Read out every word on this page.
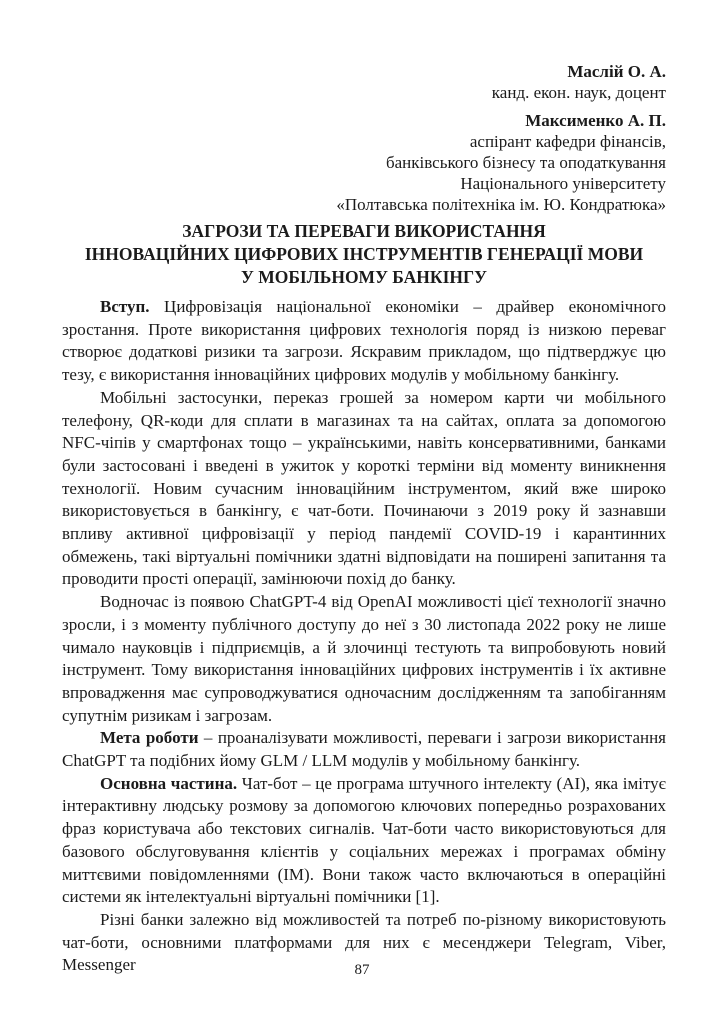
Маслій О. А.
канд. екон. наук, доцент
Максименко А. П.
аспірант кафедри фінансів,
банківського бізнесу та оподаткування
Національного університету
«Полтавська політехніка ім. Ю. Кондратюка»
ЗАГРОЗИ ТА ПЕРЕВАГИ ВИКОРИСТАННЯ
ІННОВАЦІЙНИХ ЦИФРОВИХ ІНСТРУМЕНТІВ ГЕНЕРАЦІЇ МОВИ
У МОБІЛЬНОМУ БАНКІНГУ

Вступ. Цифровізація національної економіки – драйвер економічного зростання. Проте використання цифрових технологія поряд із низкою переваг створює додаткові ризики та загрози. Яскравим прикладом, що підтверджує цю тезу, є використання інноваційних цифрових модулів у мобільному банкінгу.

Мобільні застосунки, переказ грошей за номером карти чи мобільного телефону, QR-коди для сплати в магазинах та на сайтах, оплата за допомогою NFC-чіпів у смартфонах тощо – українськими, навіть консервативними, банками були застосовані і введені в ужиток у короткі терміни від моменту виникнення технології. Новим сучасним інноваційним інструментом, який вже широко використовується в банкінгу, є чат-боти. Починаючи з 2019 року й зазнавши впливу активної цифровізації у період пандемії COVID-19 і карантинних обмежень, такі віртуальні помічники здатні відповідати на поширені запитання та проводити прості операції, замінюючи похід до банку.

Водночас із появою ChatGPT-4 від OpenAI можливості цієї технології значно зросли, і з моменту публічного доступу до неї з 30 листопада 2022 року не лише чимало науковців і підприємців, а й злочинці тестують та випробовують новий інструмент. Тому використання інноваційних цифрових інструментів і їх активне впровадження має супроводжуватися одночасним дослідженням та запобіганням супутнім ризикам і загрозам.

Мета роботи – проаналізувати можливості, переваги і загрози використання ChatGPT та подібних йому GLM / LLM модулів у мобільному банкінгу.

Основна частина. Чат-бот – це програма штучного інтелекту (AI), яка імітує інтерактивну людську розмову за допомогою ключових попередньо розрахованих фраз користувача або текстових сигналів. Чат-боти часто використовуються для базового обслуговування клієнтів у соціальних мережах і програмах обміну миттєвими повідомленнями (IM). Вони також часто включаються в операційні системи як інтелектуальні віртуальні помічники [1].

Різні банки залежно від можливостей та потреб по-різному використовують чат-боти, основними платформами для них є месенджери Telegram, Viber, Messenger	87
